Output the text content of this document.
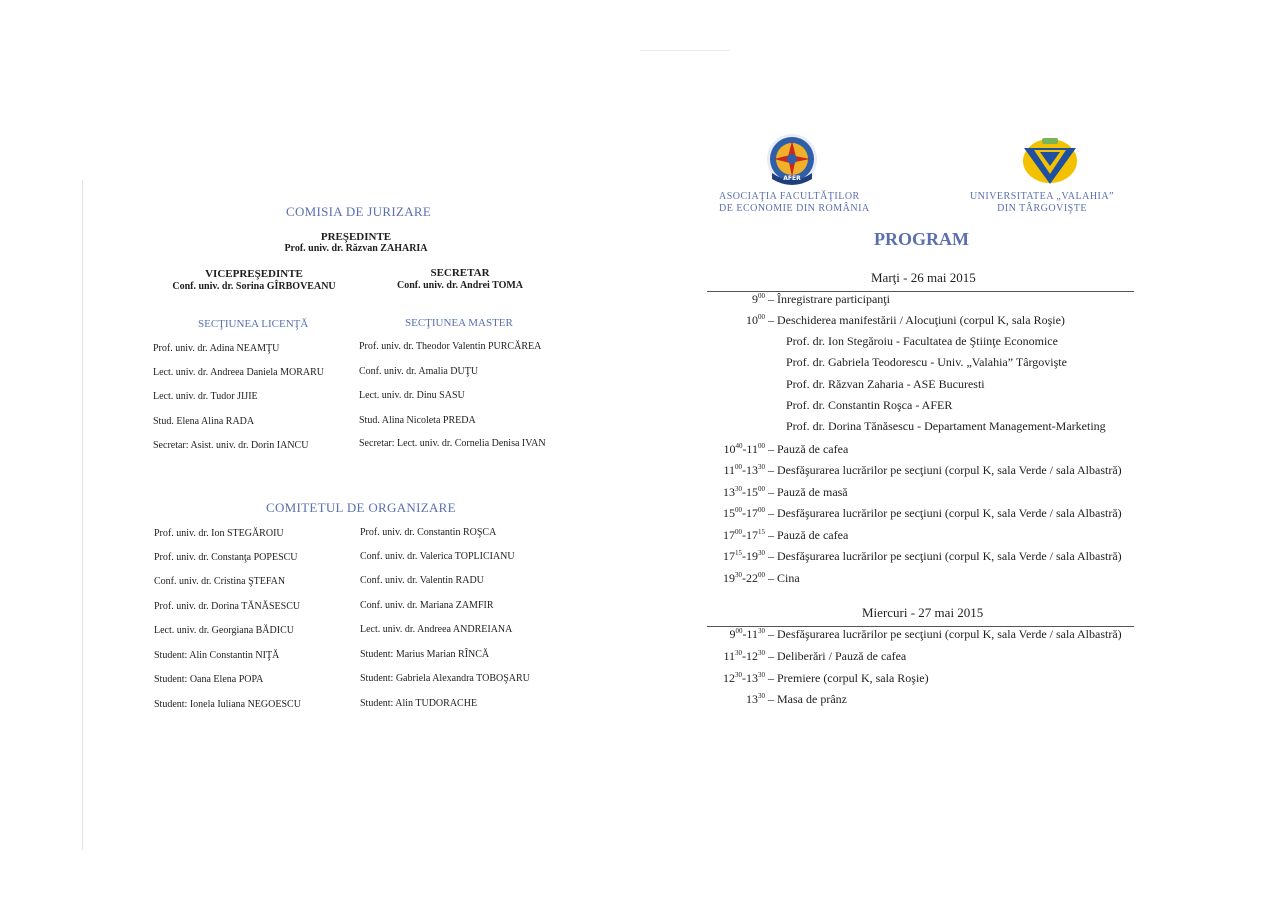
COMISIA DE JURIZARE
PREŞEDINTE
Prof. univ. dr. Răzvan ZAHARIA
VICEPREŞEDINTE
Conf. univ. dr. Sorina GÎRBOVEANU
SECRETAR
Conf. univ. dr. Andrei TOMA
SECŢIUNEA LICENŢĂ	SECŢIUNEA MASTER
Prof. univ. dr. Adina NEAMŢU
Lect. univ. dr. Andreea Daniela MORARU
Lect. univ. dr. Tudor JIJIE
Stud. Elena Alina RADA
Secretar: Asist. univ. dr. Dorin IANCU
Prof. univ. dr. Theodor Valentin PURCĂREA
Conf. univ. dr. Amalia DUŢU
Lect. univ. dr. Dinu SASU
Stud. Alina Nicoleta PREDA
Secretar: Lect. univ. dr. Cornelia Denisa IVAN
COMITETUL DE ORGANIZARE
Prof. univ. dr. Ion STEGĂROIU
Prof. univ. dr. Constanţa POPESCU
Conf. univ. dr. Cristina ŞTEFAN
Prof. univ. dr. Dorina TĂNĂSESCU
Lect. univ. dr. Georgiana BĂDICU
Student: Alin Constantin NIŢĂ
Student: Oana Elena POPA
Student: Ionela Iuliana NEGOESCU
Prof. univ. dr. Constantin ROŞCA
Conf. univ. dr. Valerica TOPLICIANU
Conf. univ. dr. Valentin RADU
Conf. univ. dr. Mariana ZAMFIR
Lect. univ. dr. Andreea ANDREIANA
Student: Marius Marian RÎNCĂ
Student: Gabriela Alexandra TOBOŞARU
Student: Alin TUDORACHE
AFER
ASOCIAŢIA FACULTĂŢILOR
DE ECONOMIE DIN ROMÂNIA
UNIVERSITATEA „VALAHIA”
DIN TÂRGOVIŞTE
PROGRAM
Marţi - 26 mai 2015
$9^{00}$ – Înregistrare participanţi
$10^{00}$ – Deschiderea manifestării / Alocuţiuni (corpul K, sala Roşie)
$10^{40}-11^{00}$ – Pauză de cafea
$11^{00}-13^{30}$ – Desfăşurarea lucrărilor pe secţiuni (corpul K, sala Verde / sala Albastră)
$13^{30}-15^{00}$ – Pauză de masă
$15^{00}-17^{00}$ – Desfăşurarea lucrărilor pe secţiuni (corpul K, sala Verde / sala Albastră)
$17^{00}-17^{15}$ – Pauză de cafea
$17^{15}-19^{30}$ – Desfăşurarea lucrărilor pe secţiuni (corpul K, sala Verde / sala Albastră)
$19^{30}-22^{00}$ – Cina
Prof. dr. Ion Stegăroiu - Facultatea de Ştiinţe Economice
Prof. dr. Gabriela Teodorescu - Univ. „Valahia” Târgovişte
Prof. dr. Răzvan Zaharia - ASE Bucuresti
Prof. dr. Constantin Roşca - AFER
Prof. dr. Dorina Tănăsescu - Departament Management-Marketing
Miercuri - 27 mai 2015
$9^{00}-11^{30}$ – Desfăşurarea lucrărilor pe secţiuni (corpul K, sala Verde / sala Albastră)
$11^{30}-12^{30}$ – Deliberări / Pauză de cafea
$12^{30}-13^{30}$ – Premiere (corpul K, sala Roşie)
$13^{30}$ – Masa de prânz
